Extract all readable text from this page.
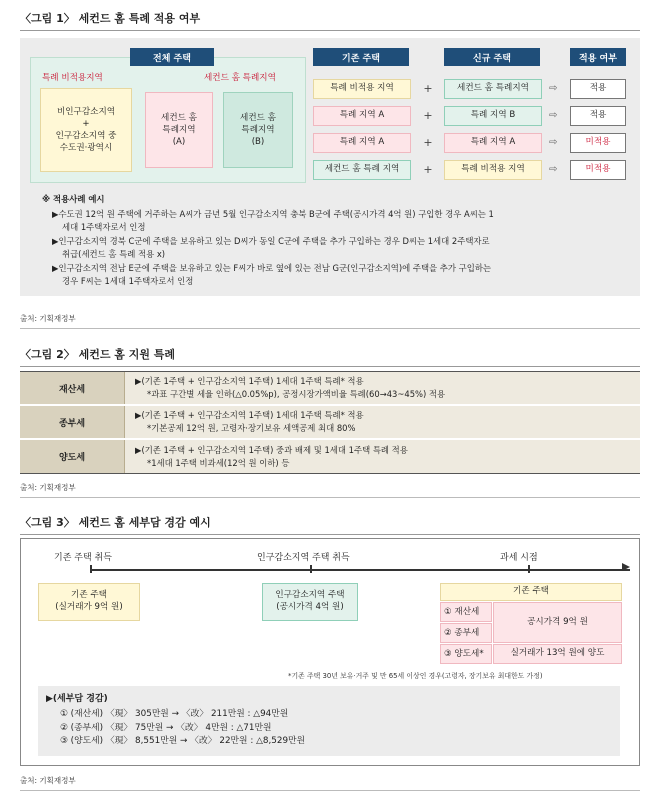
〈그림 1〉 세컨드 홈 특례 적용 여부
전체 주택
특례 비적용지역	세컨드 홈 특례지역
비인구감소지역
+
인구감소지역 중
수도권·광역시
세컨드 홈
특례지역
(A)
세컨드 홈
특례지역
(B)
기존 주택	신규 주택	적용 여부
특례 비적용 지역	+	세컨드 홈 특례지역	⇨	적용
특례 지역 A	+	특례 지역 B	⇨	적용
특례 지역 A	+	특례 지역 A	⇨	미적용
세컨드 홈 특례 지역	+	특례 비적용 지역	⇨	미적용
※ 적용사례 예시
▶수도권 12억 원 주택에 거주하는 A씨가 금년 5월 인구감소지역 충북 B군에 주택(공시가격 4억 원) 구입한 경우 A씨는 1
세대 1주택자로서 인정
▶인구감소지역 경북 C군에 주택을 보유하고 있는 D씨가 동일 C군에 주택을 추가 구입하는 경우 D씨는 1세대 2주택자로
취급(세컨드 홈 특례 적용 x)
▶인구감소지역 전남 E군에 주택을 보유하고 있는 F씨가 바로 옆에 있는 전남 G군(인구감소지역)에 주택을 추가 구입하는
경우 F씨는 1세대 1주택자로서 인정
출처: 기획재정부
〈그림 2〉 세컨드 홈 지원 특례
재산세
▶(기존 1주택 + 인구감소지역 1주택) 1세대 1주택 특례* 적용
*과표 구간별 세율 인하(△0.05%p), 공정시장가액비율 특례(60→43~45%) 적용
종부세
▶(기존 1주택 + 인구감소지역 1주택) 1세대 1주택 특례* 적용
*기본공제 12억 원, 고령자·장기보유 세액공제 최대 80%
양도세
▶(기존 1주택 + 인구감소지역 1주택) 중과 배제 및 1세대 1주택 특례 적용
*1세대 1주택 비과세(12억 원 이하) 등
출처: 기획재정부
〈그림 3〉 세컨드 홈 세부담 경감 예시
기존 주택 취득	인구감소지역 주택 취득	과세 시점
기존 주택
(실거래가 9억 원)
인구감소지역 주택
(공시가격 4억 원)
기존 주택
① 재산세
② 종부세
③ 양도세*
공시가격 9억 원
실거래가 13억 원에 양도
*기존 주택 30년 보유·거주 및 만 65세 이상인 경우(고령자, 장기보유 최대한도 가정)
▶(세부담 경감)
① (재산세) 〈現〉 305만원 → 〈改〉 211만원 : △94만원
② (종부세) 〈現〉 75만원 → 〈改〉 4만원 : △71만원
③ (양도세) 〈現〉 8,551만원 → 〈改〉 22만원 : △8,529만원
출처: 기획재정부
